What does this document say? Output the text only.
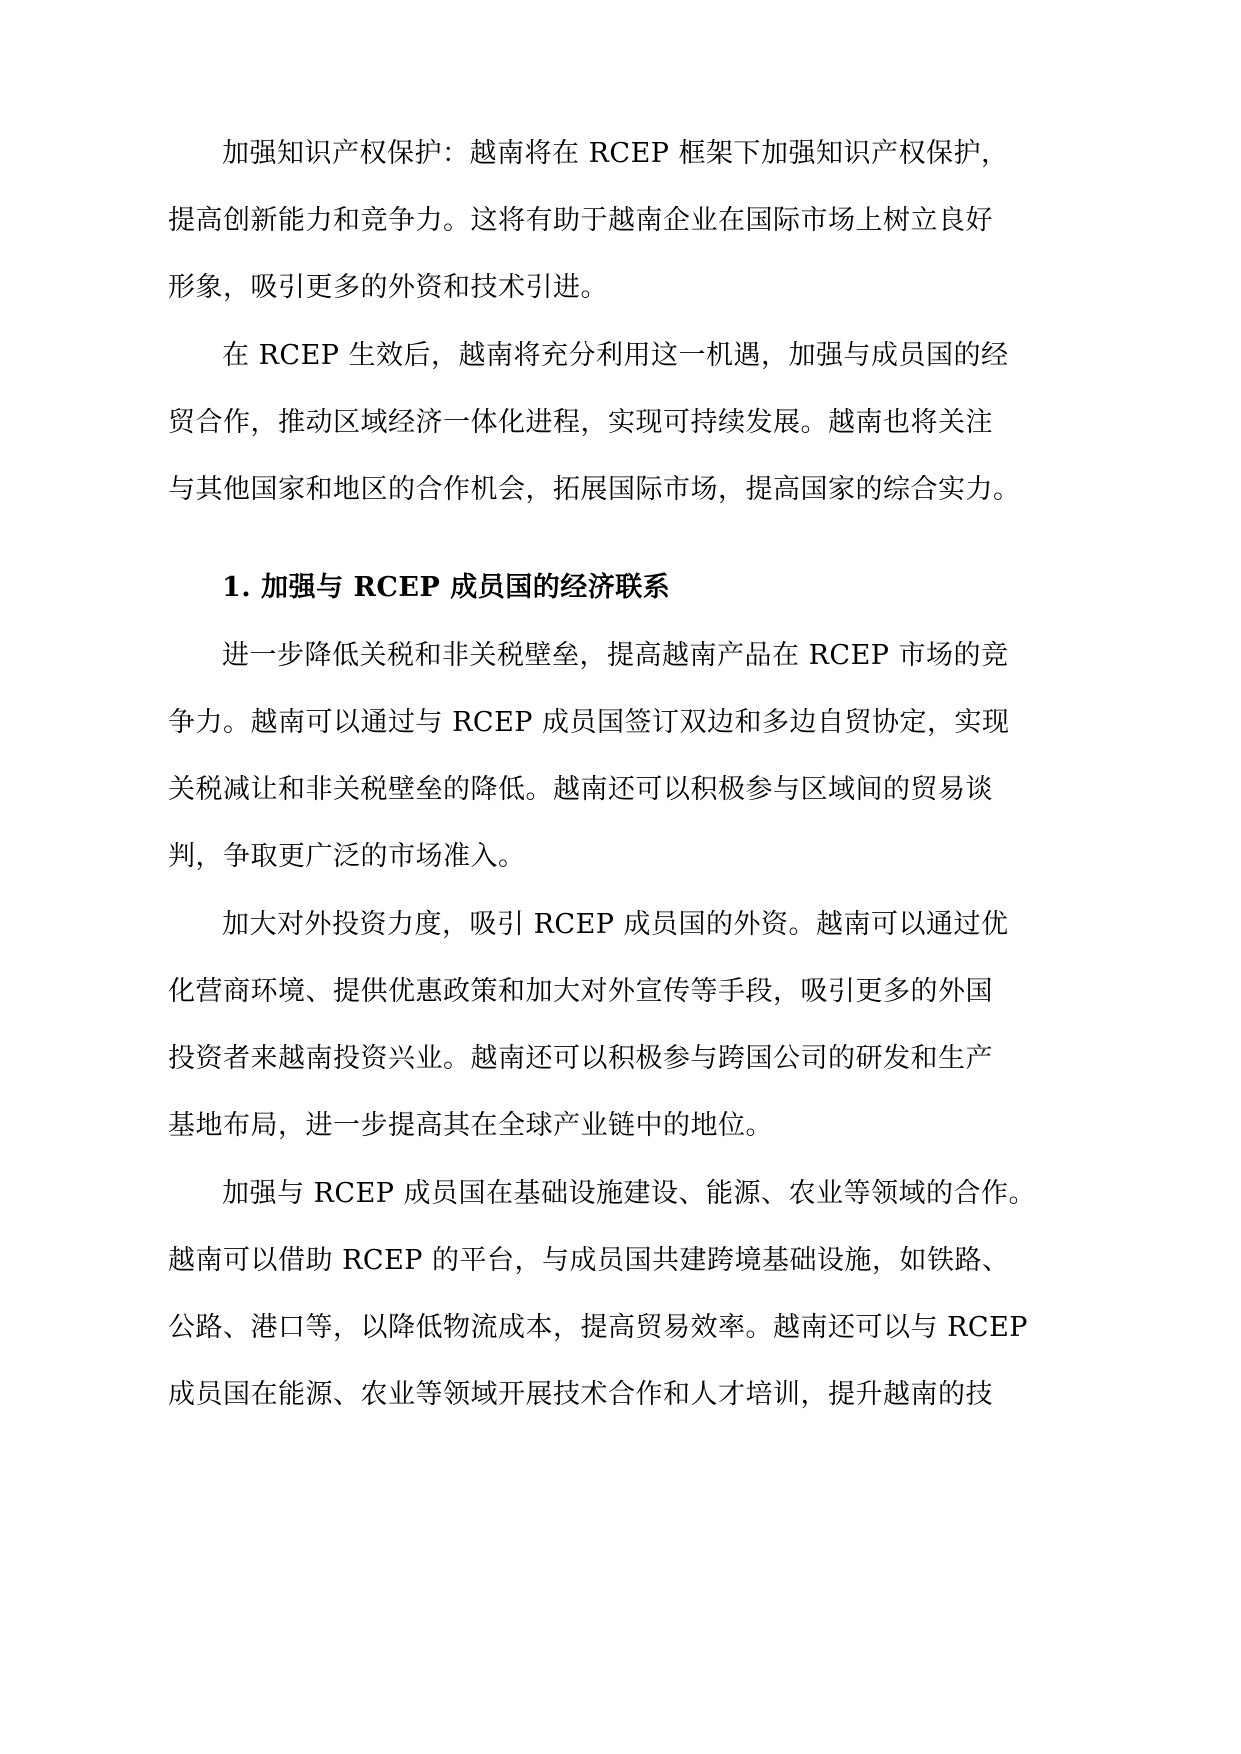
加强知识产权保护：越南将在 RCEP 框架下加强知识产权保护，
提高创新能力和竞争力。这将有助于越南企业在国际市场上树立良好
形象，吸引更多的外资和技术引进。
在 RCEP 生效后，越南将充分利用这一机遇，加强与成员国的经
贸合作，推动区域经济一体化进程，实现可持续发展。越南也将关注
与其他国家和地区的合作机会，拓展国际市场，提高国家的综合实力。
1. 加强与 RCEP 成员国的经济联系
进一步降低关税和非关税壁垒，提高越南产品在 RCEP 市场的竞
争力。越南可以通过与 RCEP 成员国签订双边和多边自贸协定，实现
关税减让和非关税壁垒的降低。越南还可以积极参与区域间的贸易谈
判，争取更广泛的市场准入。
加大对外投资力度，吸引 RCEP 成员国的外资。越南可以通过优
化营商环境、提供优惠政策和加大对外宣传等手段，吸引更多的外国
投资者来越南投资兴业。越南还可以积极参与跨国公司的研发和生产
基地布局，进一步提高其在全球产业链中的地位。
加强与 RCEP 成员国在基础设施建设、能源、农业等领域的合作。
越南可以借助 RCEP 的平台，与成员国共建跨境基础设施，如铁路、
公路、港口等，以降低物流成本，提高贸易效率。越南还可以与 RCEP
成员国在能源、农业等领域开展技术合作和人才培训，提升越南的技
